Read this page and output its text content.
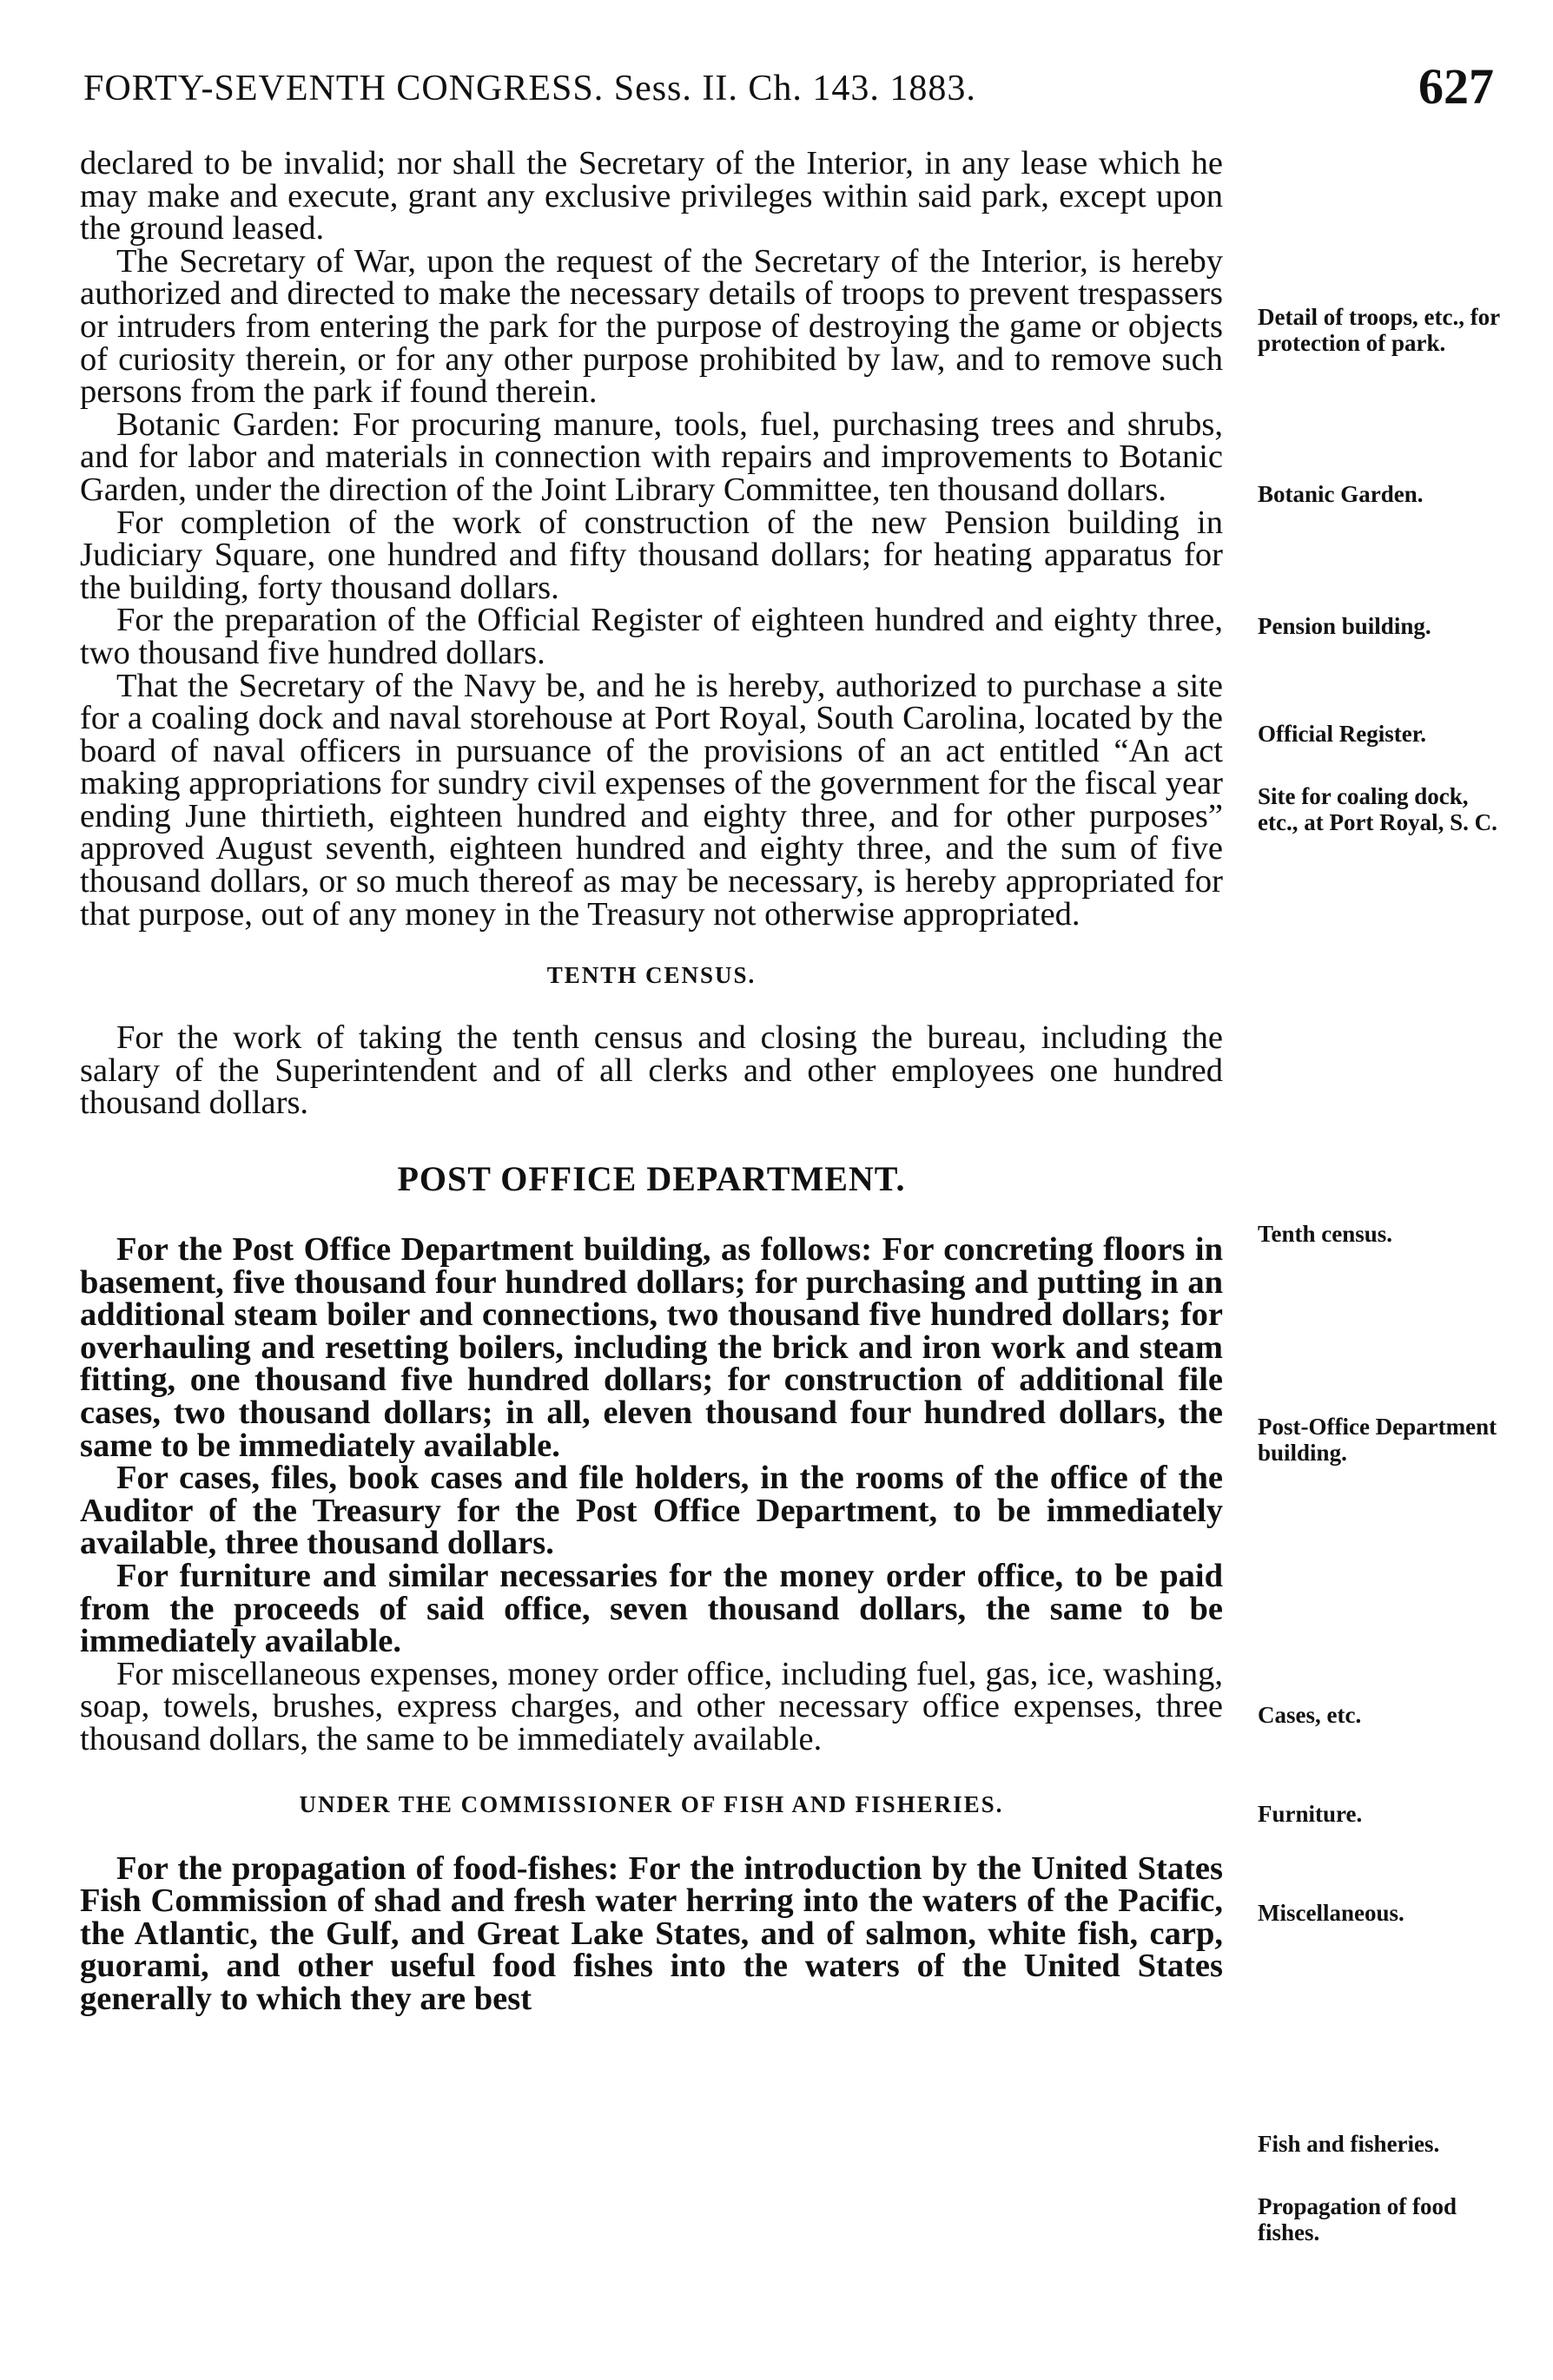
FORTY-SEVENTH CONGRESS. Sess. II. Ch. 143. 1883.	627

declared to be invalid; nor shall the Secretary of the Interior, in any lease which he may make and execute, grant any exclusive privileges within said park, except upon the ground leased.

The Secretary of War, upon the request of the Secretary of the Interior, is hereby authorized and directed to make the necessary details of troops to prevent trespassers or intruders from entering the park for the purpose of destroying the game or objects of curiosity therein, or for any other purpose prohibited by law, and to remove such persons from the park if found therein.

Botanic Garden: For procuring manure, tools, fuel, purchasing trees and shrubs, and for labor and materials in connection with repairs and improvements to Botanic Garden, under the direction of the Joint Library Committee, ten thousand dollars.

For completion of the work of construction of the new Pension building in Judiciary Square, one hundred and fifty thousand dollars; for heating apparatus for the building, forty thousand dollars.

For the preparation of the Official Register of eighteen hundred and eighty three, two thousand five hundred dollars.

That the Secretary of the Navy be, and he is hereby, authorized to purchase a site for a coaling dock and naval storehouse at Port Royal, South Carolina, located by the board of naval officers in pursuance of the provisions of an act entitled “An act making appropriations for sundry civil expenses of the government for the fiscal year ending June thirtieth, eighteen hundred and eighty three, and for other purposes” approved August seventh, eighteen hundred and eighty three, and the sum of five thousand dollars, or so much thereof as may be necessary, is hereby appropriated for that purpose, out of any money in the Treasury not otherwise appropriated.

TENTH CENSUS.

For the work of taking the tenth census and closing the bureau, including the salary of the Superintendent and of all clerks and other employees one hundred thousand dollars.

POST OFFICE DEPARTMENT.

For the Post Office Department building, as follows: For concreting floors in basement, five thousand four hundred dollars; for purchasing and putting in an additional steam boiler and connections, two thousand five hundred dollars; for overhauling and resetting boilers, including the brick and iron work and steam fitting, one thousand five hundred dollars; for construction of additional file cases, two thousand dollars; in all, eleven thousand four hundred dollars, the same to be immediately available.

For cases, files, book cases and file holders, in the rooms of the office of the Auditor of the Treasury for the Post Office Department, to be immediately available, three thousand dollars.

For furniture and similar necessaries for the money order office, to be paid from the proceeds of said office, seven thousand dollars, the same to be immediately available.

For miscellaneous expenses, money order office, including fuel, gas, ice, washing, soap, towels, brushes, express charges, and other necessary office expenses, three thousand dollars, the same to be immediately available.

UNDER THE COMMISSIONER OF FISH AND FISHERIES.

For the propagation of food-fishes: For the introduction by the United States Fish Commission of shad and fresh water herring into the waters of the Pacific, the Atlantic, the Gulf, and Great Lake States, and of salmon, white fish, carp, guorami, and other useful food fishes into the waters of the United States generally to which they are best

Detail of troops, etc., for protection of park.
Botanic Garden.
Pension building.
Official Register.
Site for coaling dock, etc., at Port Royal, S. C.
Tenth census.
Post-Office Department building.
Cases, etc.
Furniture.
Miscellaneous.
Fish and fisheries.
Propagation of food fishes.
